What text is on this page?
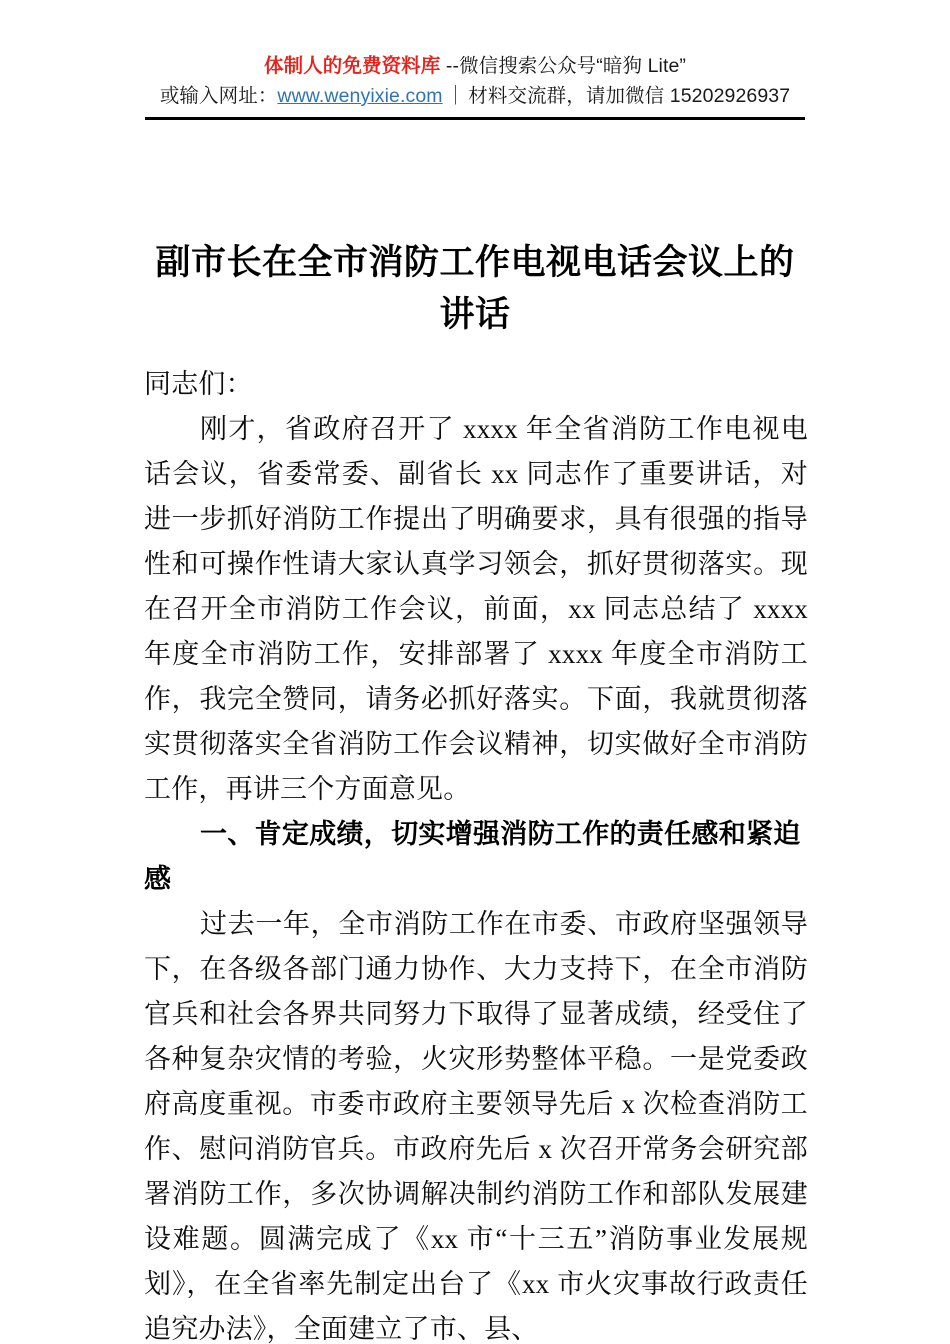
体制人的免费资料库 --微信搜索公众号“暗狗 Lite”
或输入网址：www.wenyixie.com ｜ 材料交流群，请加微信 15202926937
副市长在全市消防工作电视电话会议上的讲话

同志们：

刚才，省政府召开了 xxxx 年全省消防工作电视电话会议，省委常委、副省长 xx 同志作了重要讲话，对进一步抓好消防工作提出了明确要求，具有很强的指导性和可操作性请大家认真学习领会，抓好贯彻落实。现在召开全市消防工作会议，前面，xx 同志总结了 xxxx 年度全市消防工作，安排部署了 xxxx 年度全市消防工作，我完全赞同，请务必抓好落实。下面，我就贯彻落实贯彻落实全省消防工作会议精神，切实做好全市消防工作，再讲三个方面意见。

一、肯定成绩，切实增强消防工作的责任感和紧迫感

过去一年，全市消防工作在市委、市政府坚强领导下，在各级各部门通力协作、大力支持下，在全市消防官兵和社会各界共同努力下取得了显著成绩，经受住了各种复杂灾情的考验，火灾形势整体平稳。一是党委政府高度重视。市委市政府主要领导先后 x 次检查消防工作、慰问消防官兵。市政府先后 x 次召开常务会研究部署消防工作，多次协调解决制约消防工作和部队发展建设难题。圆满完成了《xx 市“十三五”消防事业发展规划》，在全省率先制定出台了《xx 市火灾事故行政责任追究办法》，全面建立了市、县、
